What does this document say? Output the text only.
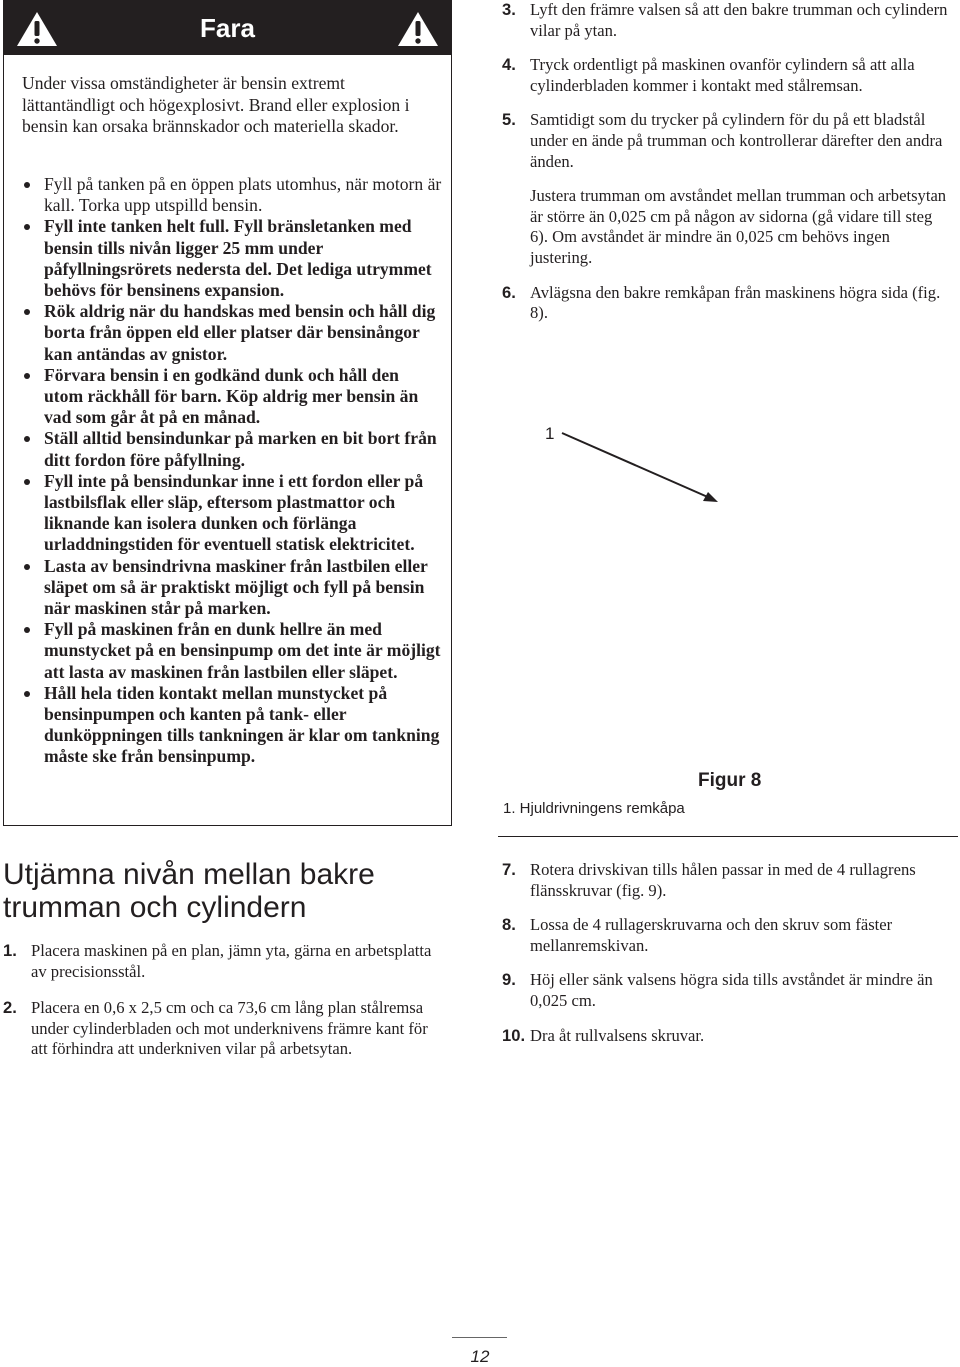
Fara

Under vissa omständigheter är bensin extremt lättantändligt och högexplosivt. Brand eller explosion i bensin kan orsaka brännskador och materiella skador.

Fyll på tanken på en öppen plats utomhus, när motorn är kall. Torka upp utspilld bensin.
Fyll inte tanken helt full. Fyll bränsletanken med bensin tills nivån ligger 25 mm under påfyllningsrörets nedersta del. Det lediga utrymmet behövs för bensinens expansion.
Rök aldrig när du handskas med bensin och håll dig borta från öppen eld eller platser där bensinångor kan antändas av gnistor.
Förvara bensin i en godkänd dunk och håll den utom räckhåll för barn. Köp aldrig mer bensin än vad som går åt på en månad.
Ställ alltid bensindunkar på marken en bit bort från ditt fordon före påfyllning.
Fyll inte på bensindunkar inne i ett fordon eller på lastbilsflak eller släp, eftersom plastmattor och liknande kan isolera dunken och förlänga urladdningstiden för eventuell statisk elektricitet.
Lasta av bensindrivna maskiner från lastbilen eller släpet om så är praktiskt möjligt och fyll på bensin när maskinen står på marken.
Fyll på maskinen från en dunk hellre än med munstycket på en bensinpump om det inte är möjligt att lasta av maskinen från lastbilen eller släpet.
Håll hela tiden kontakt mellan munstycket på bensinpumpen och kanten på tank- eller dunköppningen tills tankningen är klar om tankning måste ske från bensinpump.
Utjämna nivån mellan bakre trumman och cylindern
1. Placera maskinen på en plan, jämn yta, gärna en arbetsplatta av precisionsstål.
2. Placera en 0,6 x 2,5 cm och ca 73,6 cm lång plan stålremsa under cylinderbladen och mot underknivens främre kant för att förhindra att underkniven vilar på arbetsytan.
3. Lyft den främre valsen så att den bakre trumman och cylindern vilar på ytan.
4. Tryck ordentligt på maskinen ovanför cylindern så att alla cylinderbladen kommer i kontakt med stålremsan.
5. Samtidigt som du trycker på cylindern för du på ett bladstål under en ände på trumman och kontrollerar därefter den andra änden.
Justera trumman om avståndet mellan trumman och arbetsytan är större än 0,025 cm på någon av sidorna (gå vidare till steg 6). Om avståndet är mindre än 0,025 cm behövs ingen justering.
6. Avlägsna den bakre remkåpan från maskinens högra sida (fig. 8).
1
Figur 8
1. Hjuldrivningens remkåpa
7. Rotera drivskivan tills hålen passar in med de 4 rullagrens flänsskruvar (fig. 9).
8. Lossa de 4 rullagerskruvarna och den skruv som fäster mellanremskivan.
9. Höj eller sänk valsens högra sida tills avståndet är mindre än 0,025 cm.
10. Dra åt rullvalsens skruvar.
12
